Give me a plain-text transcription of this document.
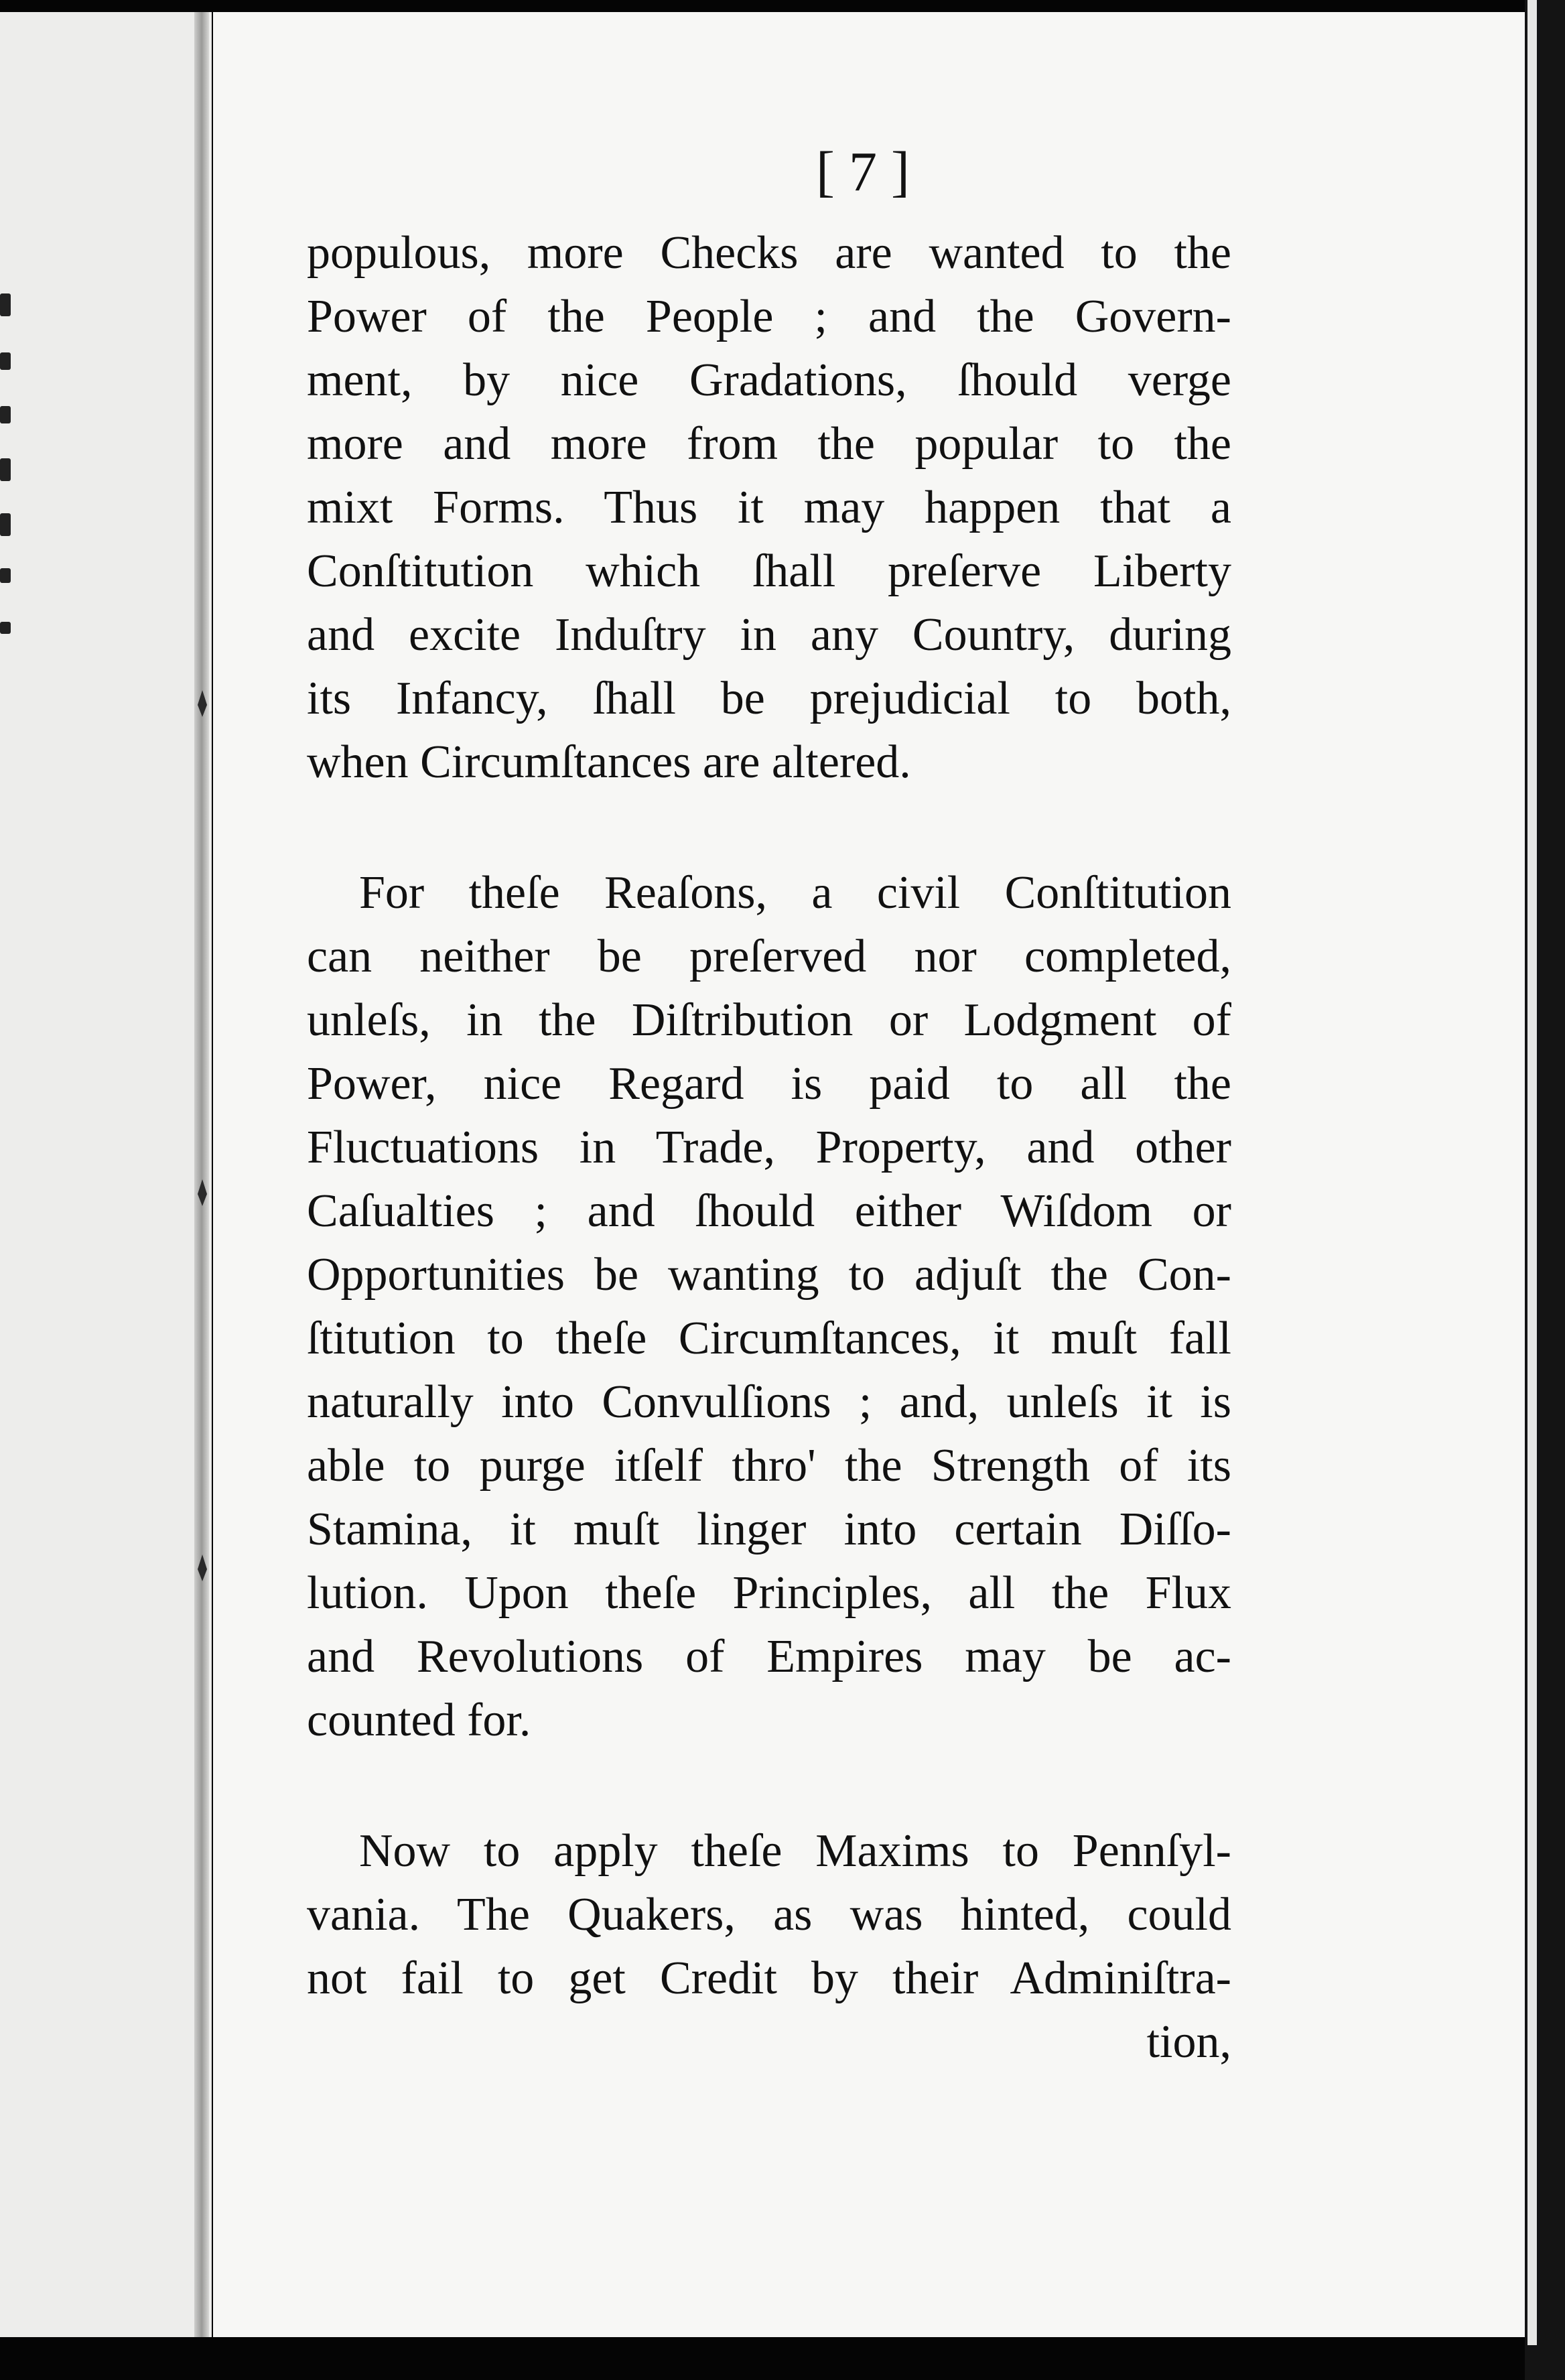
[ 7 ]
populous, more Checks are wanted to the
Power of the People ; and the Govern-
ment, by nice Gradations, ſhould verge
more and more from the popular to the
mixt Forms. Thus it may happen that a
Conſtitution which ſhall preſerve Liberty
and excite Induſtry in any Country, during
its Infancy, ſhall be prejudicial to both,
when Circumſtances are altered.
For theſe Reaſons, a civil Conſtitution
can neither be preſerved nor completed,
unleſs, in the Diſtribution or Lodgment of
Power, nice Regard is paid to all the
Fluctuations in Trade, Property, and other
Caſualties ; and ſhould either Wiſdom or
Opportunities be wanting to adjuſt the Con-
ſtitution to theſe Circumſtances, it muſt fall
naturally into Convulſions ; and, unleſs it is
able to purge itſelf thro' the Strength of its
Stamina, it muſt linger into certain Diſſo-
lution. Upon theſe Principles, all the Flux
and Revolutions of Empires may be ac-
counted for.
Now to apply theſe Maxims to Pennſyl-
vania. The Quakers, as was hinted, could
not fail to get Credit by their Adminiſtra-
tion,
